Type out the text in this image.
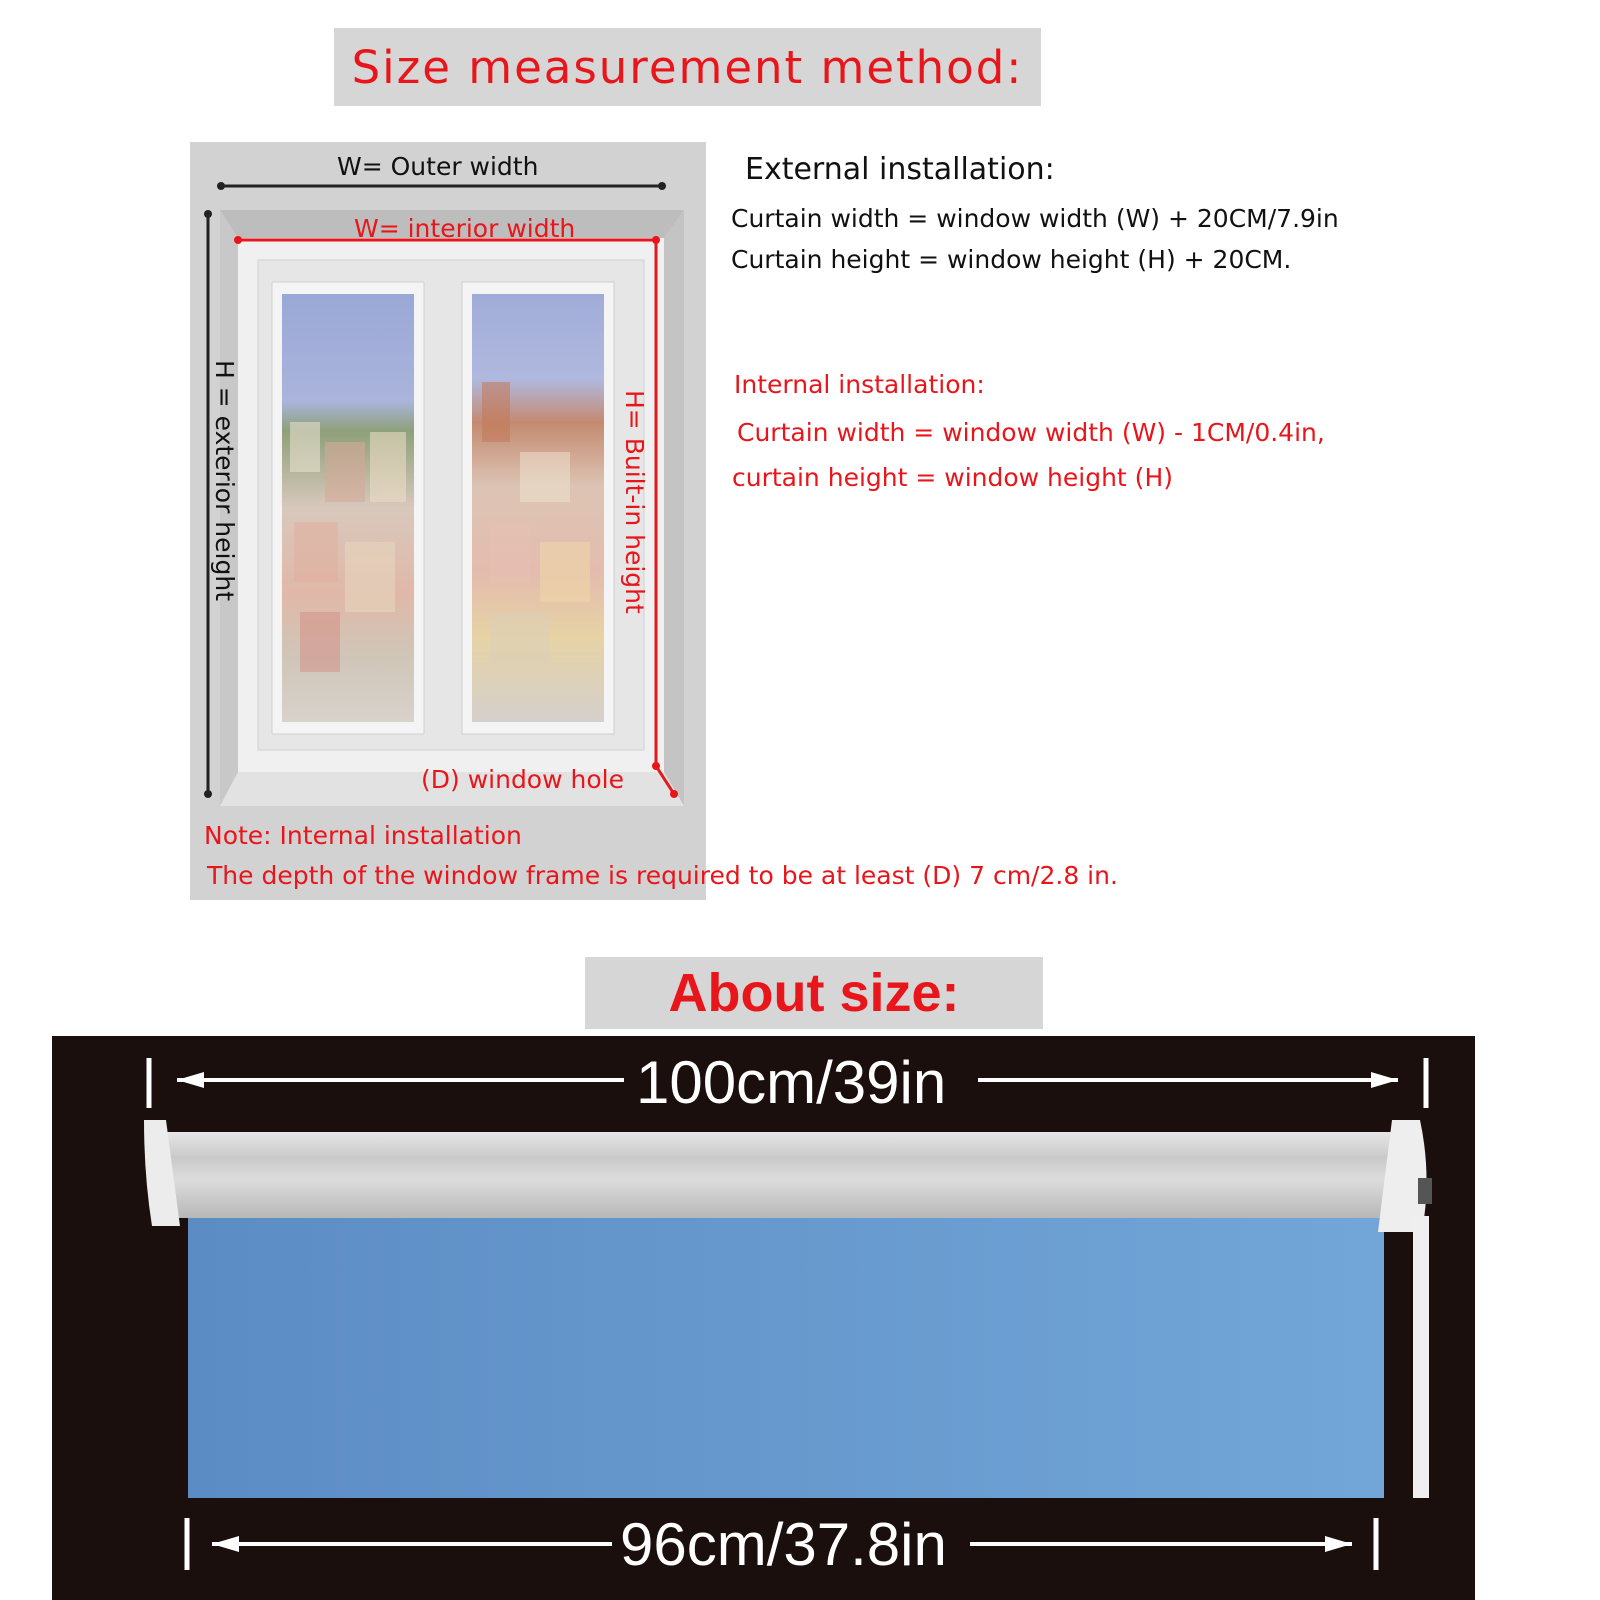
Size measurement method:
W= Outer width
W= interior width
H = exterior height	H= Built-in height
(D) window hole
External installation:
Curtain width = window width (W) + 20CM/7.9in
Curtain height = window height (H) + 20CM.
Internal installation:
Curtain width = window width (W) - 1CM/0.4in,
curtain height = window height (H)
Note: Internal installation
The depth of the window frame is required to be at least (D) 7 cm/2.8 in.
About size:
100cm/39in
96cm/37.8in
